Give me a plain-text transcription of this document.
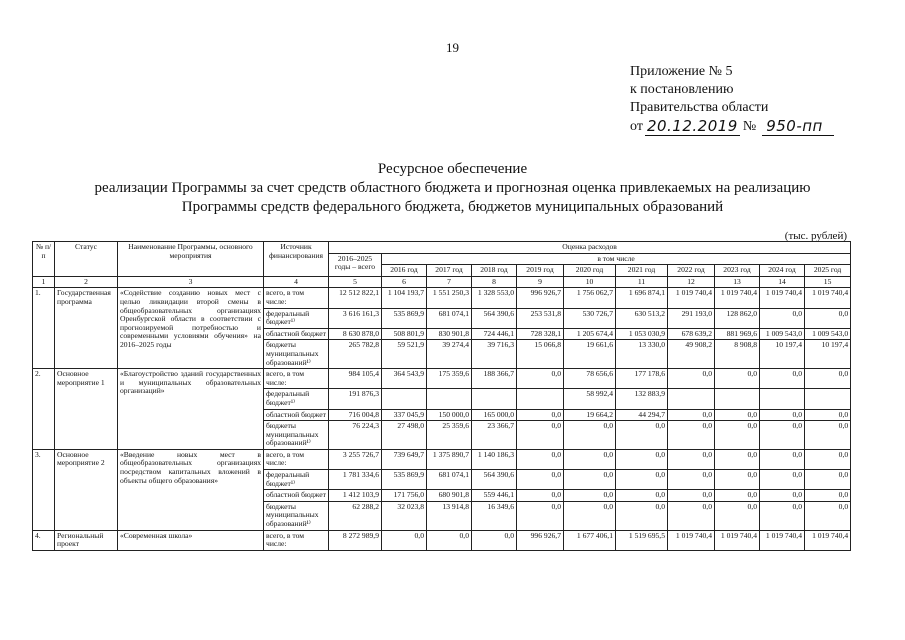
19
Приложение № 5
к постановлению
Правительства области
от 20.12.2019 № 950-пп
Ресурсное обеспечение
реализации Программы за счет средств областного бюджета и прогнозная оценка привлекаемых на реализацию
Программы средств федерального бюджета, бюджетов муниципальных образований
(тыс. рублей)
№ п/п	Статус	Наименование Программы, основного мероприятия	Источник финансирования	Оценка расходов										
				2016–2025 годы – всего	в том числе									
					2016 год	2017 год	2018 год	2019 год	2020 год	2021 год	2022 год	2023 год	2024 год	2025 год
1	2	3	4	5	6	7	8	9	10	11	12	13	14	15
1.	Государственная программа	«Содействие созданию новых мест с целью ликвидации второй смены в общеобразовательных организациях Оренбургской области в соответствии с прогнозируемой потребностью и современными условиями обучения» на 2016–2025 годы	всего, в том числе:	12 512 822,1	1 104 193,7	1 551 250,3	1 328 553,0	996 926,7	1 756 062,7	1 696 874,1	1 019 740,4	1 019 740,4	1 019 740,4	1 019 740,4
			федеральный бюджет¹⁾	3 616 161,3	535 869,9	681 074,1	564 390,6	253 531,8	530 726,7	630 513,2	291 193,0	128 862,0	0,0	0,0
			областной бюджет	8 630 878,0	508 801,9	830 901,8	724 446,1	728 328,1	1 205 674,4	1 053 030,9	678 639,2	881 969,6	1 009 543,0	1 009 543,0
			бюджеты муниципальных образований¹⁾	265 782,8	59 521,9	39 274,4	39 716,3	15 066,8	19 661,6	13 330,0	49 908,2	8 908,8	10 197,4	10 197,4
2.	Основное мероприятие 1	«Благоустройство зданий государственных и муниципальных образовательных организаций»	всего, в том числе:	984 105,4	364 543,9	175 359,6	188 366,7	0,0	78 656,6	177 178,6	0,0	0,0	0,0	0,0
			федеральный бюджет¹⁾	191 876,3					58 992,4	132 883,9				
			областной бюджет	716 004,8	337 045,9	150 000,0	165 000,0	0,0	19 664,2	44 294,7	0,0	0,0	0,0	0,0
			бюджеты муниципальных образований¹⁾	76 224,3	27 498,0	25 359,6	23 366,7	0,0	0,0	0,0	0,0	0,0	0,0	0,0
3.	Основное мероприятие 2	«Введение новых мест в общеобразовательных организациях посредством капитальных вложений в объекты общего образования»	всего, в том числе:	3 255 726,7	739 649,7	1 375 890,7	1 140 186,3	0,0	0,0	0,0	0,0	0,0	0,0	0,0
			федеральный бюджет¹⁾	1 781 334,6	535 869,9	681 074,1	564 390,6	0,0	0,0	0,0	0,0	0,0	0,0	0,0
			областной бюджет	1 412 103,9	171 756,0	680 901,8	559 446,1	0,0	0,0	0,0	0,0	0,0	0,0	0,0
			бюджеты муниципальных образований¹⁾	62 288,2	32 023,8	13 914,8	16 349,6	0,0	0,0	0,0	0,0	0,0	0,0	0,0
4.	Региональный проект	«Современная школа»	всего, в том числе:	8 272 989,9	0,0	0,0	0,0	996 926,7	1 677 406,1	1 519 695,5	1 019 740,4	1 019 740,4	1 019 740,4	1 019 740,4
